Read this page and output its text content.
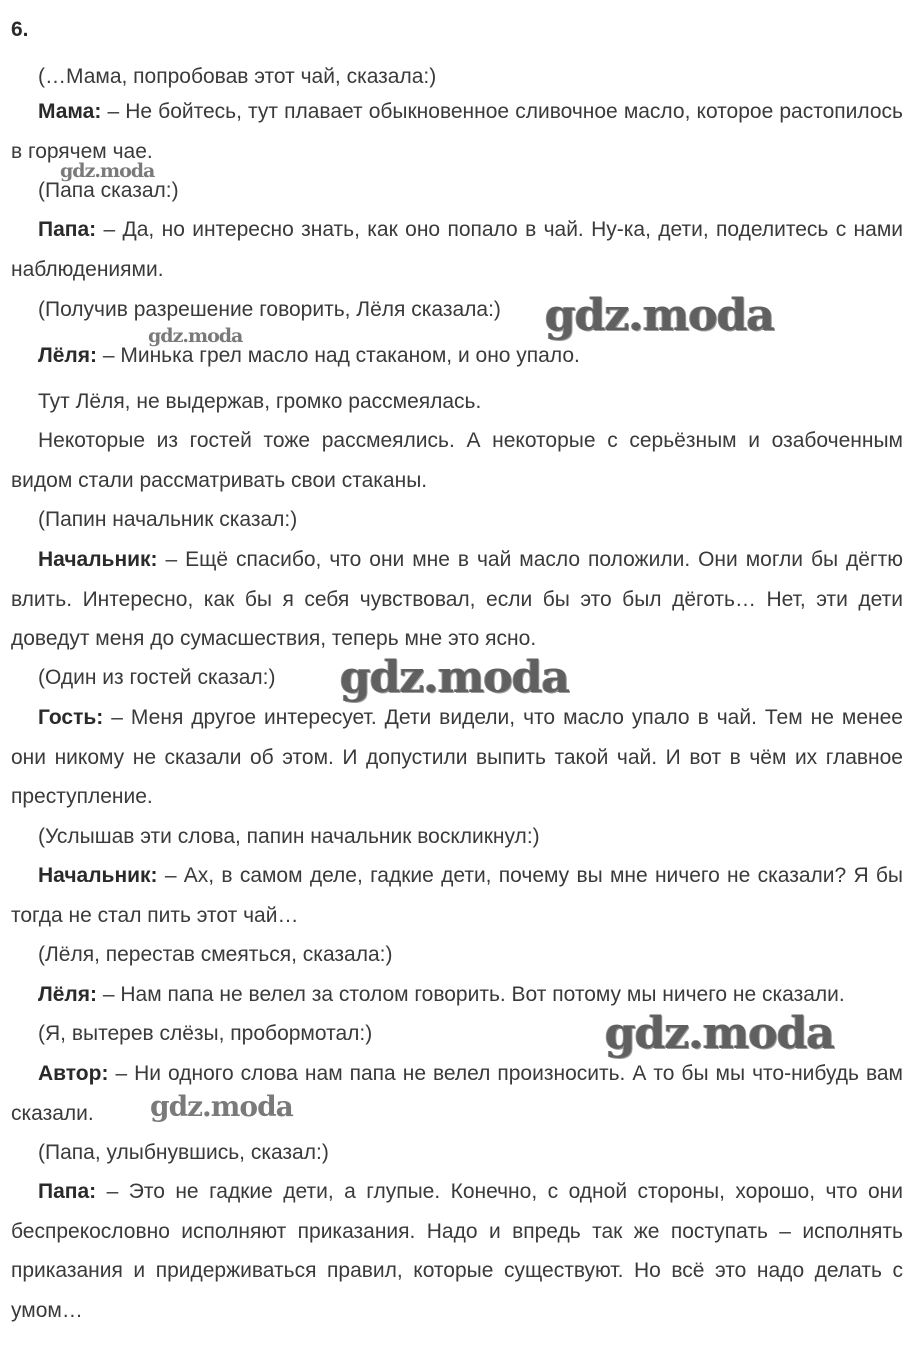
6.

(…Мама, попробовав этот чай, сказала:)

Мама: – Не бойтесь, тут плавает обыкновенное сливочное масло, которое растопилось в горячем чае.

(Папа сказал:)

Папа: – Да, но интересно знать, как оно попало в чай. Ну-ка, дети, поделитесь с нами наблюдениями.

(Получив разрешение говорить, Лёля сказала:)

Лёля: – Минька грел масло над стаканом, и оно упало.

Тут Лёля, не выдержав, громко рассмеялась.

Некоторые из гостей тоже рассмеялись. А некоторые с серьёзным и озабоченным видом стали рассматривать свои стаканы.

(Папин начальник сказал:)

Начальник: – Ещё спасибо, что они мне в чай масло положили. Они могли бы дёгтю влить. Интересно, как бы я себя чувствовал, если бы это был дёготь… Нет, эти дети доведут меня до сумасшествия, теперь мне это ясно.

(Один из гостей сказал:)

Гость: – Меня другое интересует. Дети видели, что масло упало в чай. Тем не менее они никому не сказали об этом. И допустили выпить такой чай. И вот в чём их главное преступление.

(Услышав эти слова, папин начальник воскликнул:)

Начальник: – Ах, в самом деле, гадкие дети, почему вы мне ничего не сказали? Я бы тогда не стал пить этот чай…

(Лёля, перестав смеяться, сказала:)

Лёля: – Нам папа не велел за столом говорить. Вот потому мы ничего не сказали.

(Я, вытерев слёзы, пробормотал:)

Автор: – Ни одного слова нам папа не велел произносить. А то бы мы что-нибудь вам сказали.

(Папа, улыбнувшись, сказал:)

Папа: – Это не гадкие дети, а глупые. Конечно, с одной стороны, хорошо, что они беспрекословно исполняют приказания. Надо и впредь так же поступать – исполнять приказания и придерживаться правил, которые существуют. Но всё это надо делать с умом…

gdz.moda
gdz.moda	gdz.moda
gdz.moda
gdz.moda
gdz.moda
